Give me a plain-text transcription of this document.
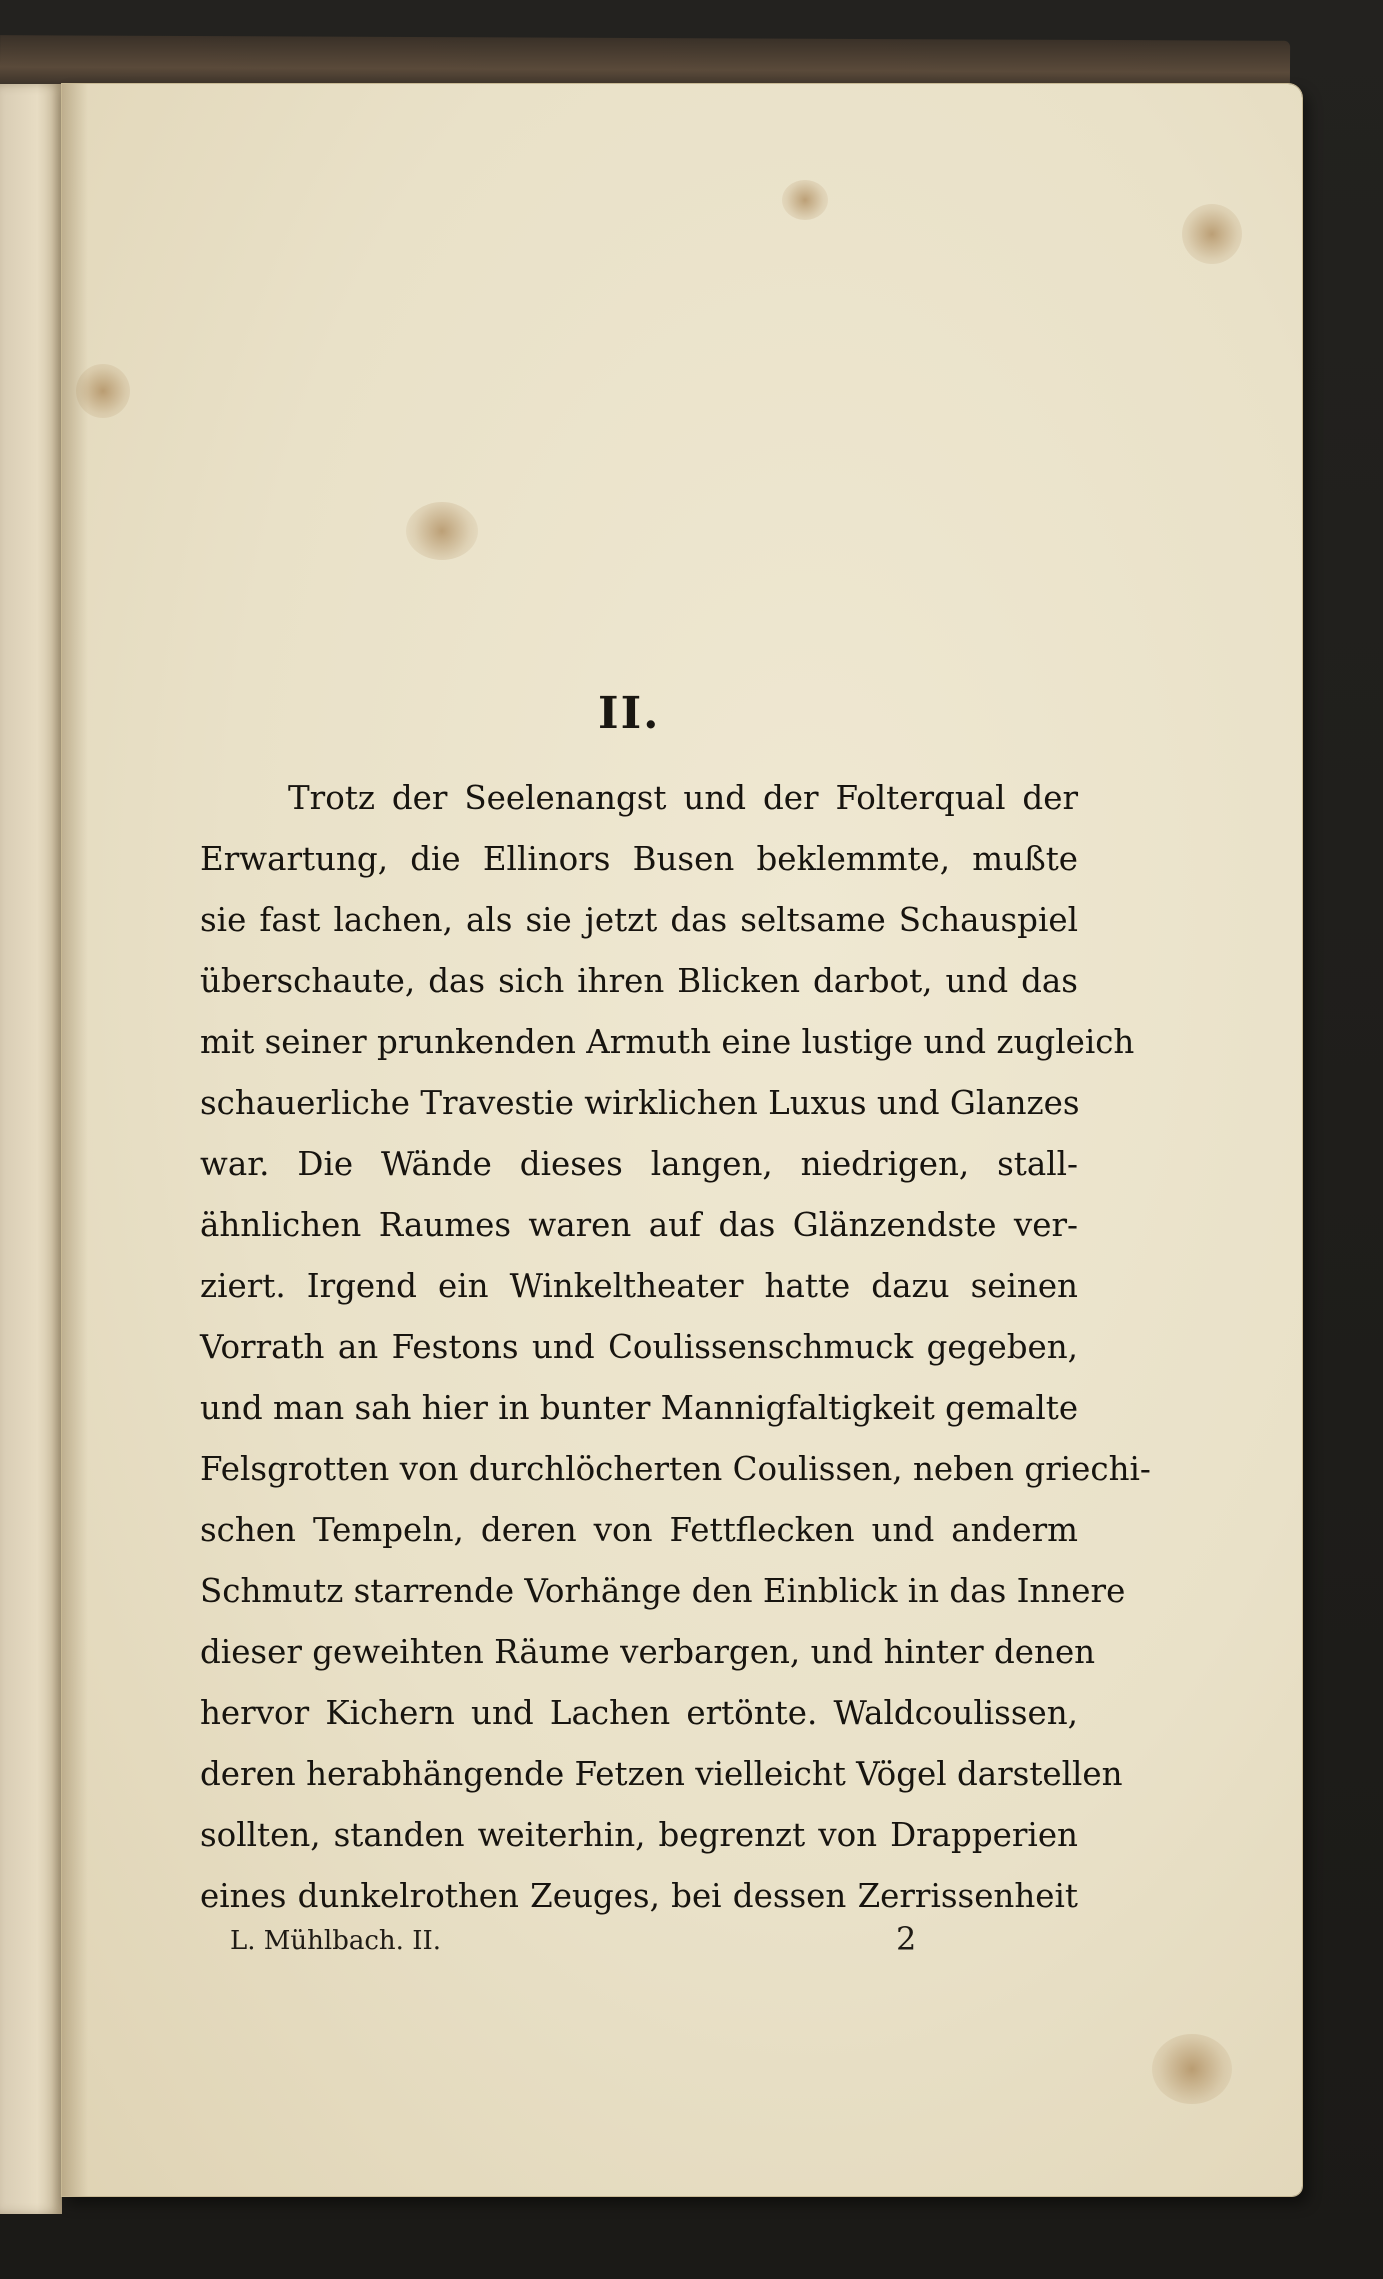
II.
Trotz der Seelenangst und der Folterqual der
Erwartung, die Ellinors Busen beklemmte, mußte
sie fast lachen, als sie jetzt das seltsame Schauspiel
überschaute, das sich ihren Blicken darbot, und das
mit seiner prunkenden Armuth eine lustige und zugleich
schauerliche Travestie wirklichen Luxus und Glanzes
war. Die Wände dieses langen, niedrigen, stall-
ähnlichen Raumes waren auf das Glänzendste ver-
ziert. Irgend ein Winkeltheater hatte dazu seinen
Vorrath an Festons und Coulissenschmuck gegeben,
und man sah hier in bunter Mannigfaltigkeit gemalte
Felsgrotten von durchlöcherten Coulissen, neben griechi-
schen Tempeln, deren von Fettflecken und anderm
Schmutz starrende Vorhänge den Einblick in das Innere
dieser geweihten Räume verbargen, und hinter denen
hervor Kichern und Lachen ertönte. Waldcoulissen,
deren herabhängende Fetzen vielleicht Vögel darstellen
sollten, standen weiterhin, begrenzt von Drapperien
eines dunkelrothen Zeuges, bei dessen Zerrissenheit
L. Mühlbach. II.	2
